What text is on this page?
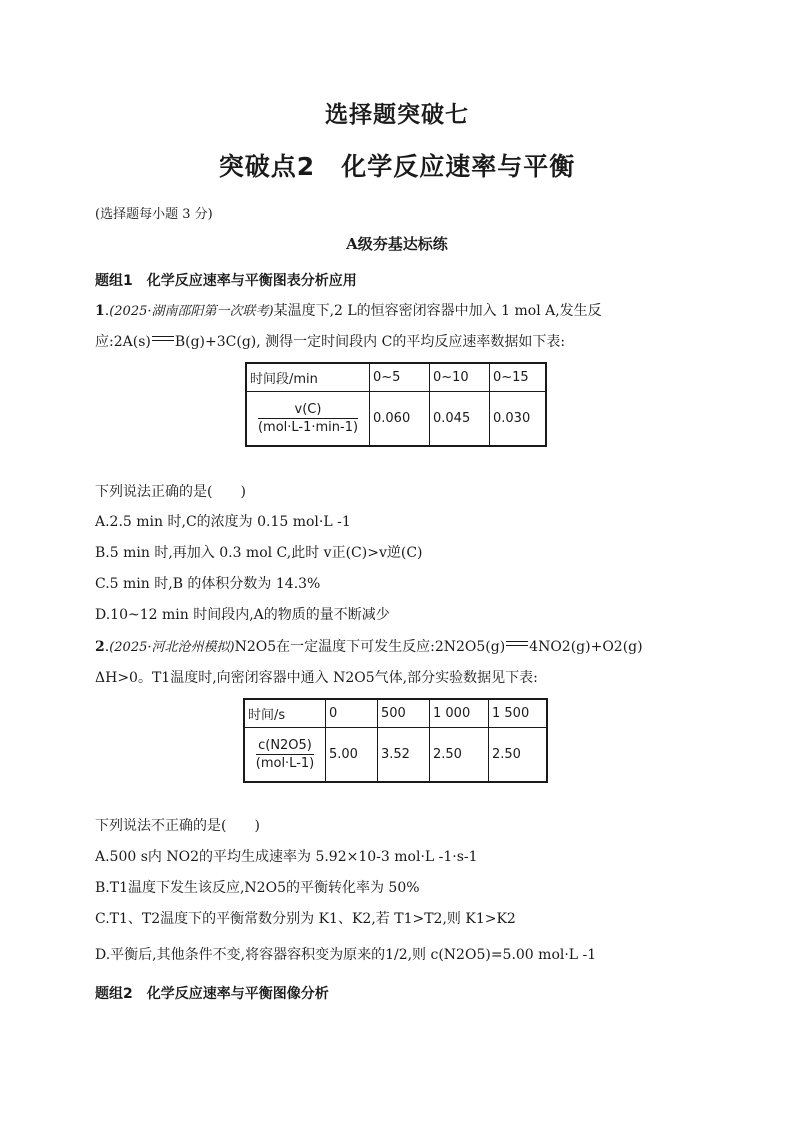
选择题突破七
突破点2　化学反应速率与平衡
(选择题每小题 3 分)
A级夯基达标练
题组1　化学反应速率与平衡图表分析应用
1.(2025·湖南邵阳第一次联考)某温度下,2 L的恒容密闭容器中加入 1 mol A,发生反
应:2A(s) B(g)+3C(g), 测得一定时间段内 C的平均反应速率数据如下表:
时间段/min	0~5	0~10	0~15

$\frac{v(C)}{\text{(mol·L-1·min-1)}}$	0.060	0.045	0.030
下列说法正确的是(　　)
A.2.5 min 时,C的浓度为 0.15 mol·L -1
B.5 min 时,再加入 0.3 mol C,此时 v正(C)>v逆(C)
C.5 min 时,B 的体积分数为 14.3%
D.10~12 min 时间段内,A的物质的量不断减少
2.(2025·河北沧州模拟)N2O5在一定温度下可发生反应:2N2O5(g) 4NO2(g)+O2(g)
ΔH>0。T1温度时,向密闭容器中通入 N2O5气体,部分实验数据见下表:
时间/s	0	500	1 000	1 500

$\frac{c(N2O5)}{\text{(mol·L-1)}}$	5.00	3.52	2.50	2.50
下列说法不正确的是(　　)
A.500 s内 NO2的平均生成速率为 5.92×10-3 mol·L -1·s-1
B.T1温度下发生该反应,N2O5的平衡转化率为 50%
C.T1、T2温度下的平衡常数分别为 K1、K2,若 T1>T2,则 K1>K2
D.平衡后,其他条件不变,将容器容积变为原来的1/2,则 c(N2O5)=5.00 mol·L -1
题组2　化学反应速率与平衡图像分析
